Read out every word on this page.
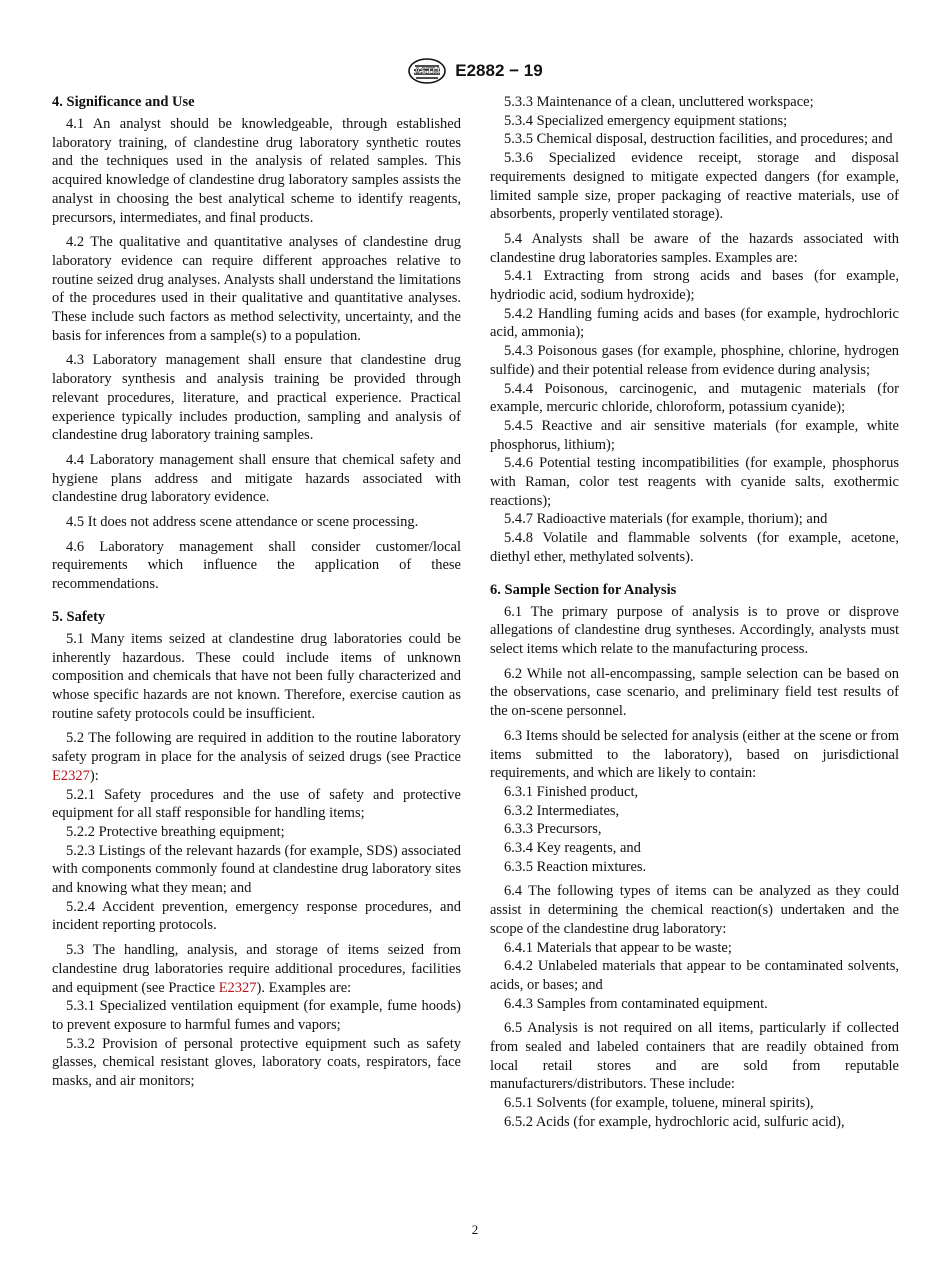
ASTM E2882 − 19
4. Significance and Use

4.1 An analyst should be knowledgeable, through established laboratory training, of clandestine drug laboratory synthetic routes and the techniques used in the analysis of related samples. This acquired knowledge of clandestine drug laboratory samples assists the analyst in choosing the best analytical scheme to identify reagents, precursors, intermediates, and final products.

4.2 The qualitative and quantitative analyses of clandestine drug laboratory evidence can require different approaches relative to routine seized drug analyses. Analysts shall understand the limitations of the procedures used in their qualitative and quantitative analyses. These include such factors as method selectivity, uncertainty, and the basis for inferences from a sample(s) to a population.

4.3 Laboratory management shall ensure that clandestine drug laboratory synthesis and analysis training be provided through relevant procedures, literature, and practical experience. Practical experience typically includes production, sampling and analysis of clandestine drug laboratory training samples.

4.4 Laboratory management shall ensure that chemical safety and hygiene plans address and mitigate hazards associated with clandestine drug laboratory evidence.

4.5 It does not address scene attendance or scene processing.

4.6 Laboratory management shall consider customer/local requirements which influence the application of these recommendations.

5. Safety

5.1 Many items seized at clandestine drug laboratories could be inherently hazardous. These could include items of unknown composition and chemicals that have not been fully characterized and whose specific hazards are not known. Therefore, exercise caution as routine safety protocols could be insufficient.

5.2 The following are required in addition to the routine laboratory safety program in place for the analysis of seized drugs (see Practice E2327):

5.2.1 Safety procedures and the use of safety and protective equipment for all staff responsible for handling items;

5.2.2 Protective breathing equipment;

5.2.3 Listings of the relevant hazards (for example, SDS) associated with components commonly found at clandestine drug laboratory sites and knowing what they mean; and

5.2.4 Accident prevention, emergency response procedures, and incident reporting protocols.

5.3 The handling, analysis, and storage of items seized from clandestine drug laboratories require additional procedures, facilities and equipment (see Practice E2327). Examples are:

5.3.1 Specialized ventilation equipment (for example, fume hoods) to prevent exposure to harmful fumes and vapors;

5.3.2 Provision of personal protective equipment such as safety glasses, chemical resistant gloves, laboratory coats, respirators, face masks, and air monitors;

5.3.3 Maintenance of a clean, uncluttered workspace;

5.3.4 Specialized emergency equipment stations;

5.3.5 Chemical disposal, destruction facilities, and procedures; and

5.3.6 Specialized evidence receipt, storage and disposal requirements designed to mitigate expected dangers (for example, limited sample size, proper packaging of reactive materials, use of absorbents, properly ventilated storage).

5.4 Analysts shall be aware of the hazards associated with clandestine drug laboratories samples. Examples are:

5.4.1 Extracting from strong acids and bases (for example, hydriodic acid, sodium hydroxide);

5.4.2 Handling fuming acids and bases (for example, hydrochloric acid, ammonia);

5.4.3 Poisonous gases (for example, phosphine, chlorine, hydrogen sulfide) and their potential release from evidence during analysis;

5.4.4 Poisonous, carcinogenic, and mutagenic materials (for example, mercuric chloride, chloroform, potassium cyanide);

5.4.5 Reactive and air sensitive materials (for example, white phosphorus, lithium);

5.4.6 Potential testing incompatibilities (for example, phosphorus with Raman, color test reagents with cyanide salts, exothermic reactions);

5.4.7 Radioactive materials (for example, thorium); and

5.4.8 Volatile and flammable solvents (for example, acetone, diethyl ether, methylated solvents).

6. Sample Section for Analysis

6.1 The primary purpose of analysis is to prove or disprove allegations of clandestine drug syntheses. Accordingly, analysts must select items which relate to the manufacturing process.

6.2 While not all-encompassing, sample selection can be based on the observations, case scenario, and preliminary field test results of the on-scene personnel.

6.3 Items should be selected for analysis (either at the scene or from items submitted to the laboratory), based on jurisdictional requirements, and which are likely to contain:

6.3.1 Finished product,

6.3.2 Intermediates,

6.3.3 Precursors,

6.3.4 Key reagents, and

6.3.5 Reaction mixtures.

6.4 The following types of items can be analyzed as they could assist in determining the chemical reaction(s) undertaken and the scope of the clandestine drug laboratory:

6.4.1 Materials that appear to be waste;

6.4.2 Unlabeled materials that appear to be contaminated solvents, acids, or bases; and

6.4.3 Samples from contaminated equipment.

6.5 Analysis is not required on all items, particularly if collected from sealed and labeled containers that are readily obtained from local retail stores and are sold from reputable manufacturers/distributors. These include:

6.5.1 Solvents (for example, toluene, mineral spirits),

6.5.2 Acids (for example, hydrochloric acid, sulfuric acid),

2
